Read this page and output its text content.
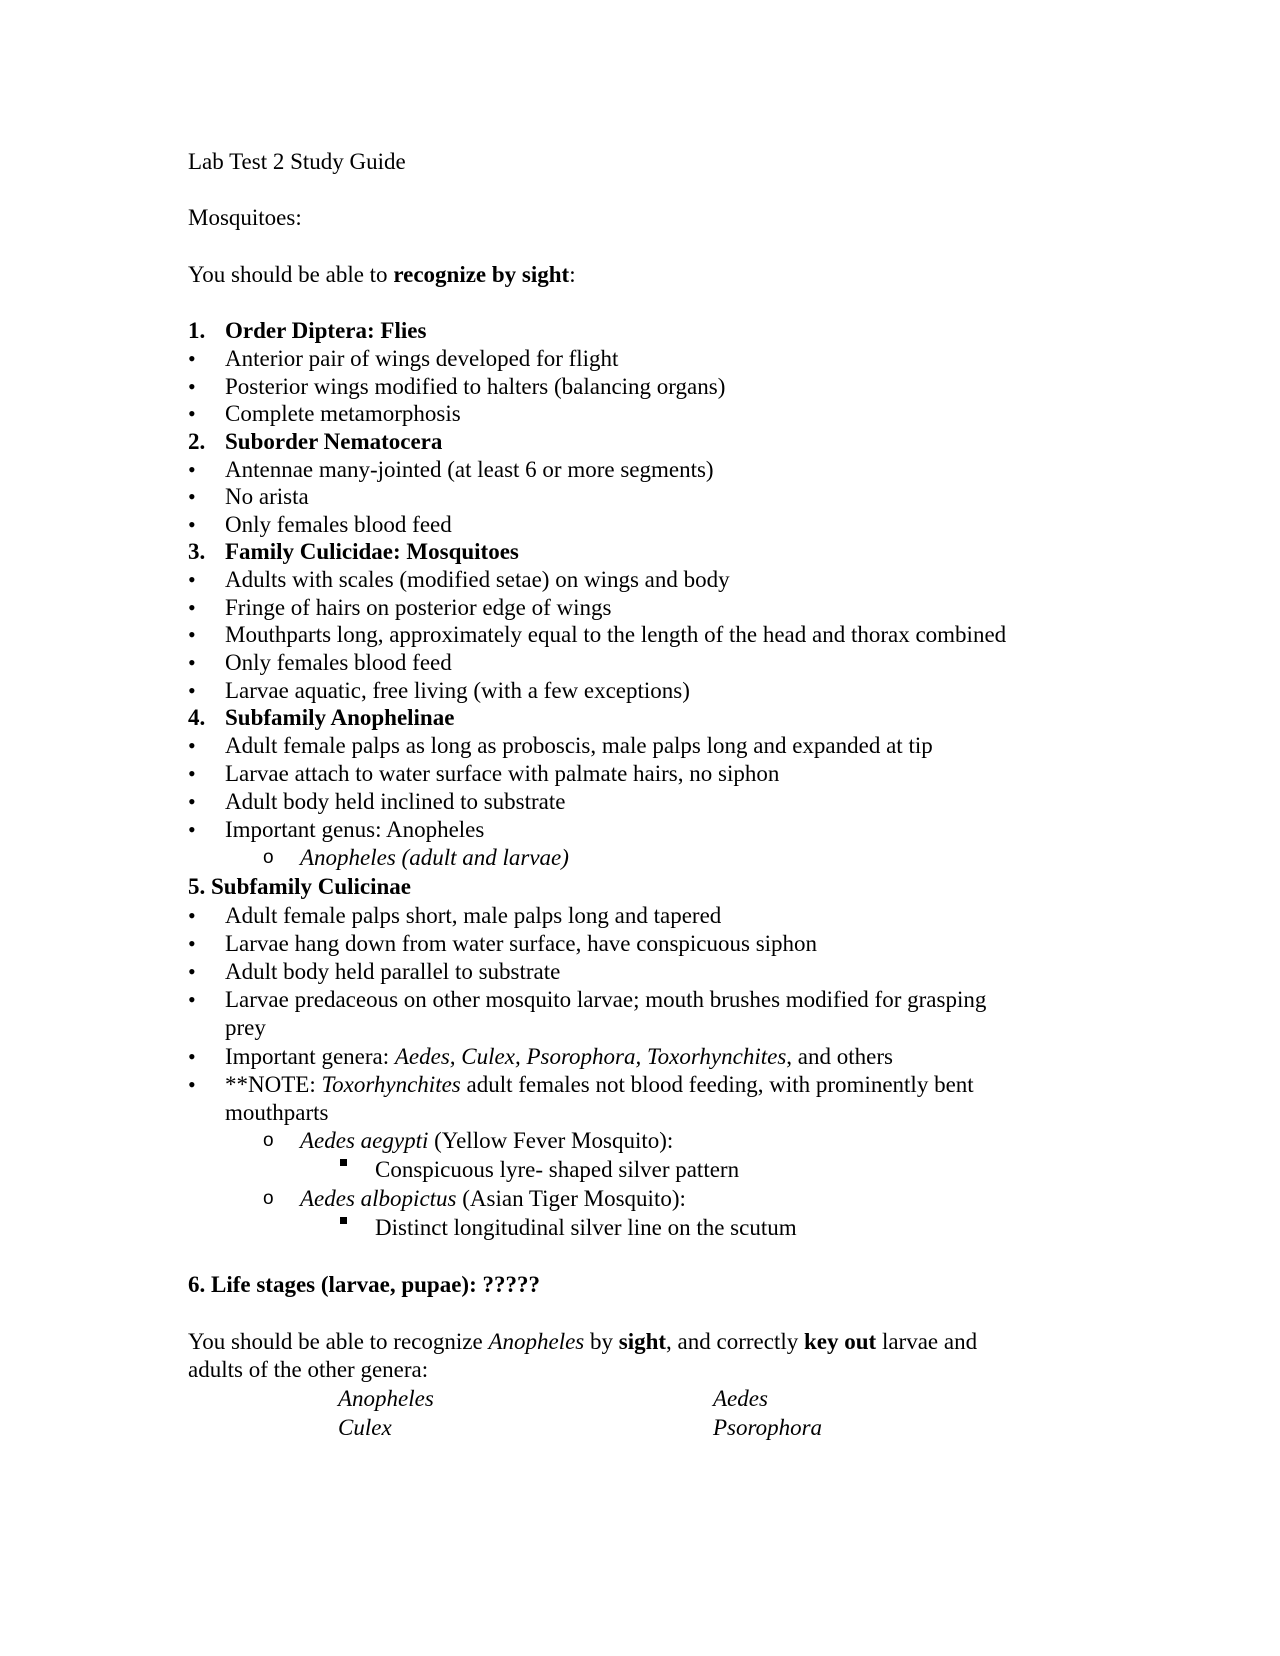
Lab Test 2 Study Guide
Mosquitoes:
You should be able to recognize by sight:
1. Order Diptera: Flies
• Anterior pair of wings developed for flight
• Posterior wings modified to halters (balancing organs)
• Complete metamorphosis
2. Suborder Nematocera
• Antennae many-jointed (at least 6 or more segments)
• No arista
• Only females blood feed
3. Family Culicidae: Mosquitoes
• Adults with scales (modified setae) on wings and body
• Fringe of hairs on posterior edge of wings
• Mouthparts long, approximately equal to the length of the head and thorax combined
• Only females blood feed
• Larvae aquatic, free living (with a few exceptions)
4. Subfamily Anophelinae
• Adult female palps as long as proboscis, male palps long and expanded at tip
• Larvae attach to water surface with palmate hairs, no siphon
• Adult body held inclined to substrate
• Important genus: Anopheles
o Anopheles (adult and larvae)
5. Subfamily Culicinae
• Adult female palps short, male palps long and tapered
• Larvae hang down from water surface, have conspicuous siphon
• Adult body held parallel to substrate
• Larvae predaceous on other mosquito larvae; mouth brushes modified for grasping
prey
• Important genera: Aedes, Culex, Psorophora, Toxorhynchites, and others
• **NOTE: Toxorhynchites adult females not blood feeding, with prominently bent
mouthparts
o Aedes aegypti (Yellow Fever Mosquito):
Conspicuous lyre- shaped silver pattern
o Aedes albopictus (Asian Tiger Mosquito):
Distinct longitudinal silver line on the scutum
6. Life stages (larvae, pupae): ?????
You should be able to recognize Anopheles by sight, and correctly key out larvae and
adults of the other genera:
Anopheles	Aedes
Culex	Psorophora
